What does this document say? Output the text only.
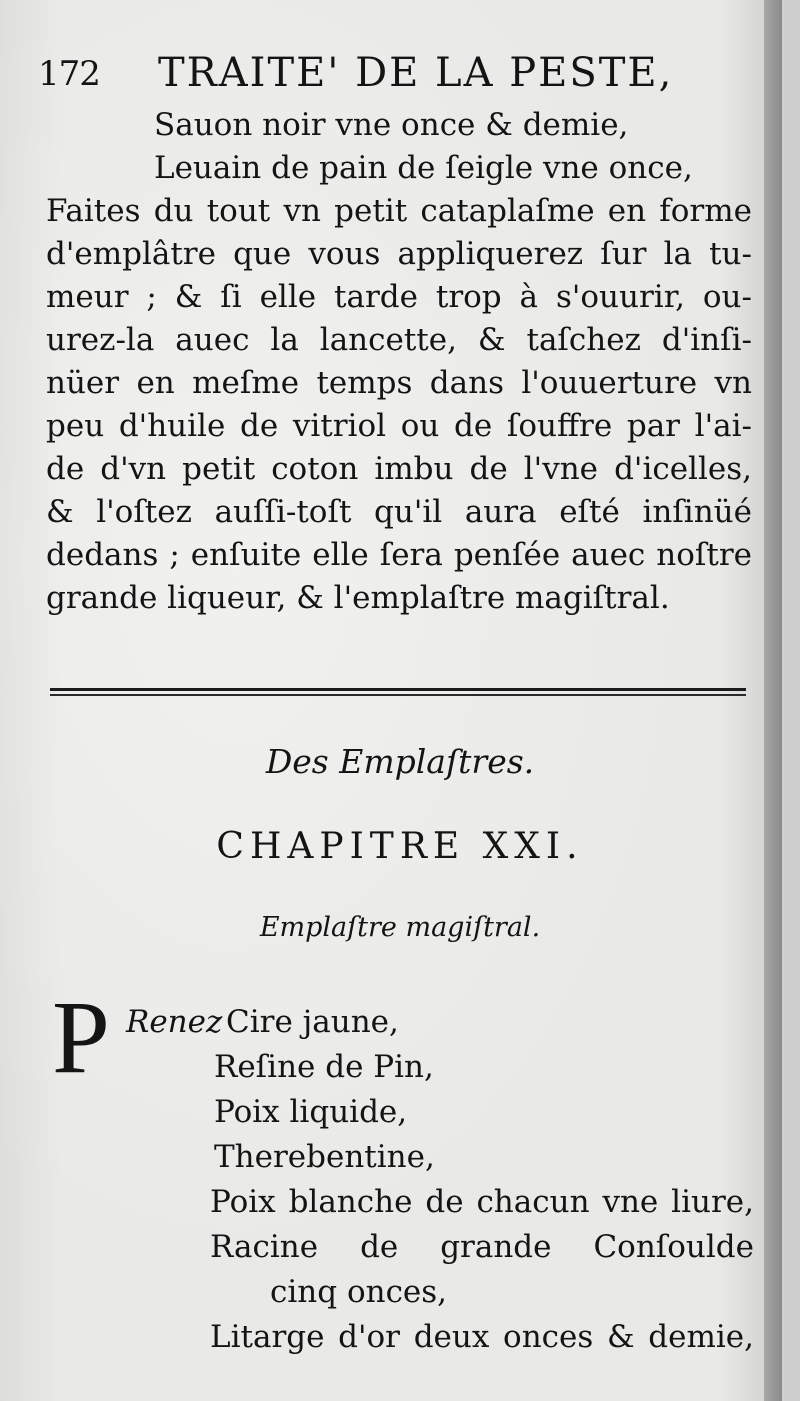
172 TRAITE' DE LA PESTE,
Sauon noir vne once & demie,
Leuain de pain de ſeigle vne once,
Faites du tout vn petit cataplaſme en forme
d'emplâtre que vous appliquerez ſur la tu-
meur ; & ſi elle tarde trop à s'ouurir, ou-
urez-la auec la lancette, & taſchez d'inſi-
nüer en meſme temps dans l'ouuerture vn
peu d'huile de vitriol ou de ſouffre par l'ai-
de d'vn petit coton imbu de l'vne d'icelles,
& l'oſtez auſſi-toſt qu'il aura eſté inſinüé
dedans ; enſuite elle ſera penſée auec noſtre
grande liqueur, & l'emplaſtre magiſtral.
Des Emplaſtres.
CHAPITRE XXI.
Emplaſtre magiſtral.
P Renez Cire jaune,
Reſine de Pin,
Poix liquide,
Therebentine,
Poix blanche de chacun vne liure,
Racine de grande Conſoulde
cinq onces,
Litarge d'or deux onces & demie,
